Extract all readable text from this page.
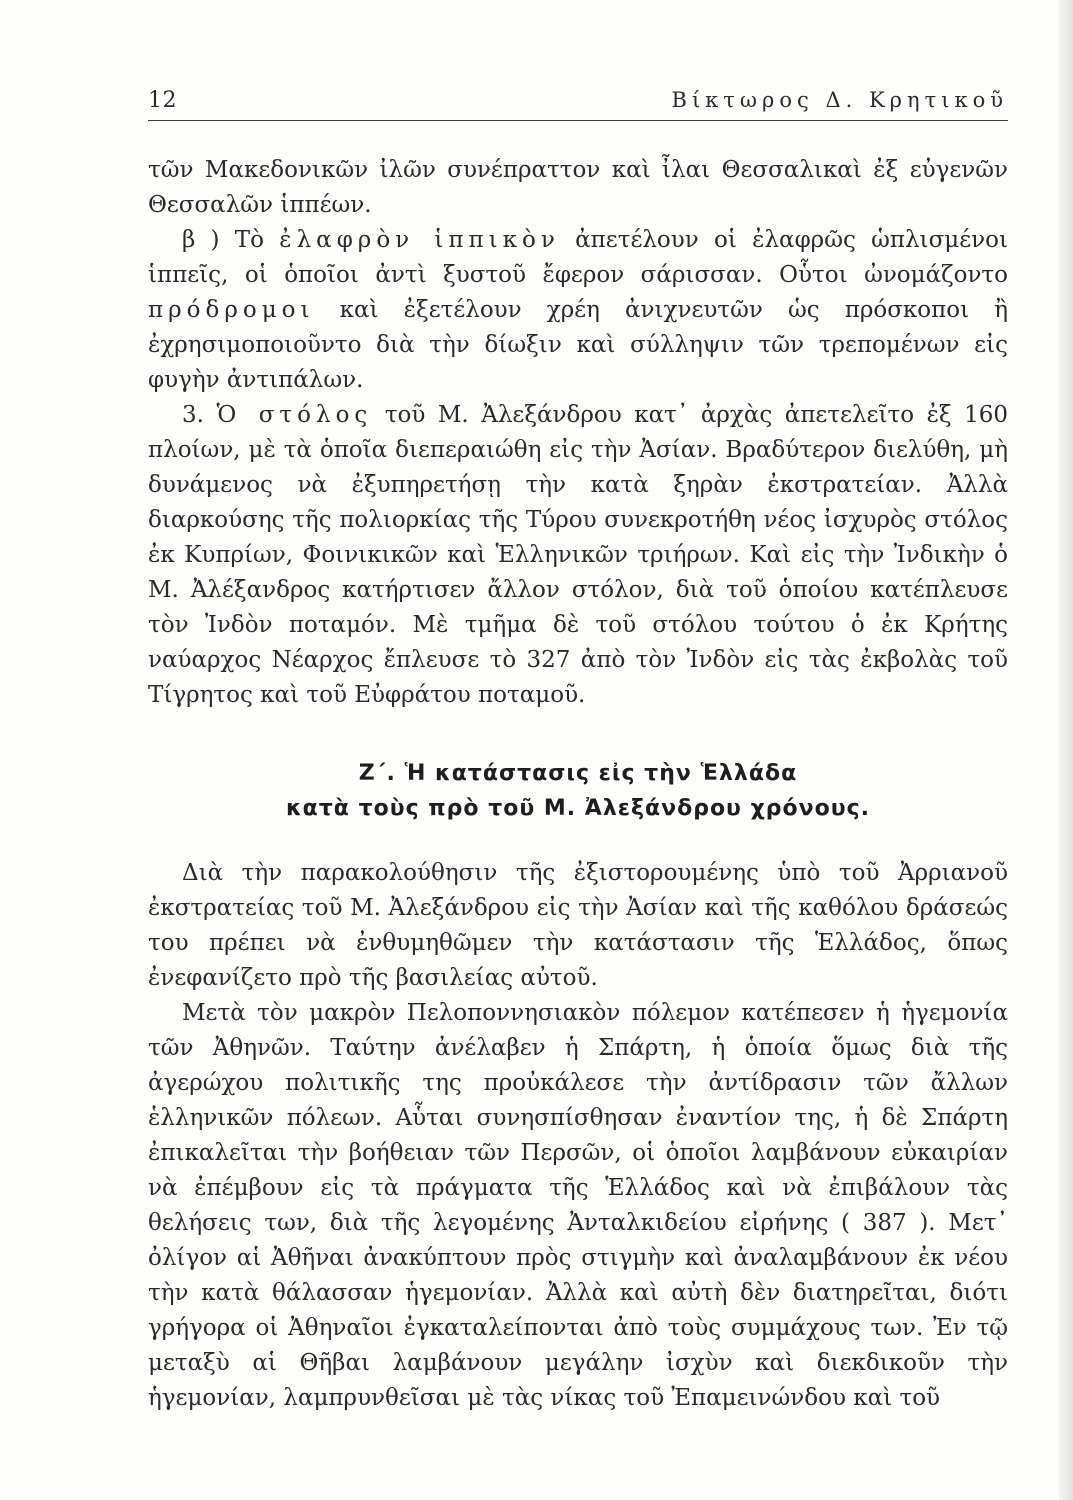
12	Βίκτωρος Δ. Κρητικοῦ

τῶν Μακεδονικῶν ἰλῶν συνέπραττον καὶ ἶλαι Θεσσαλικαὶ ἐξ εὐγενῶν Θεσσαλῶν ἱππέων.

β ) Τὸ ἐλαφρὸν ἱππικὸν ἀπετέλουν οἱ ἐλαφρῶς ὡπλισμένοι ἱππεῖς, οἱ ὁποῖοι ἀντὶ ξυστοῦ ἔφερον σάρισσαν. Οὗτοι ὠνομάζοντο πρόδρομοι καὶ ἐξετέλουν χρέη ἀνιχνευτῶν ὡς πρόσκοποι ἢ ἐχρησιμοποιοῦντο διὰ τὴν δίωξιν καὶ σύλληψιν τῶν τρεπομένων εἰς φυγὴν ἀντιπάλων.

3. Ὁ στόλος τοῦ Μ. Ἀλεξάνδρου κατ᾽ ἀρχὰς ἀπετελεῖτο ἐξ 160 πλοίων, μὲ τὰ ὁποῖα διεπεραιώθη εἰς τὴν Ἀσίαν. Βραδύτερον διελύθη, μὴ δυνάμενος νὰ ἐξυπηρετήσῃ τὴν κατὰ ξηρὰν ἐκστρατείαν. Ἀλλὰ διαρκούσης τῆς πολιορκίας τῆς Τύρου συνεκροτήθη νέος ἰσχυρὸς στόλος ἐκ Κυπρίων, Φοινικικῶν καὶ Ἑλληνικῶν τριήρων. Καὶ εἰς τὴν Ἰνδικὴν ὁ Μ. Ἀλέξανδρος κατήρτισεν ἄλλον στόλον, διὰ τοῦ ὁποίου κατέπλευσε τὸν Ἰνδὸν ποταμόν. Μὲ τμῆμα δὲ τοῦ στόλου τούτου ὁ ἐκ Κρήτης ναύαρχος Νέαρχος ἔπλευσε τὸ 327 ἀπὸ τὸν Ἰνδὸν εἰς τὰς ἐκβολὰς τοῦ Τίγρητος καὶ τοῦ Εὐφράτου ποταμοῦ.

Ζ΄. Ἡ κατάστασις εἰς τὴν Ἑλλάδα
κατὰ τοὺς πρὸ τοῦ Μ. Ἀλεξάνδρου χρόνους.

Διὰ τὴν παρακολούθησιν τῆς ἐξιστορουμένης ὑπὸ τοῦ Ἀρριανοῦ ἐκστρατείας τοῦ Μ. Ἀλεξάνδρου εἰς τὴν Ἀσίαν καὶ τῆς καθόλου δράσεώς του πρέπει νὰ ἐνθυμηθῶμεν τὴν κατάστασιν τῆς Ἑλλάδος, ὅπως ἐνεφανίζετο πρὸ τῆς βασιλείας αὐτοῦ.

Μετὰ τὸν μακρὸν Πελοποννησιακὸν πόλεμον κατέπεσεν ἡ ἡγεμονία τῶν Ἀθηνῶν. Ταύτην ἀνέλαβεν ἡ Σπάρτη, ἡ ὁποία ὅμως διὰ τῆς ἀγερώχου πολιτικῆς της προὐκάλεσε τὴν ἀντίδρασιν τῶν ἄλλων ἑλληνικῶν πόλεων. Αὗται συνησπίσθησαν ἐναντίον της, ἡ δὲ Σπάρτη ἐπικαλεῖται τὴν βοήθειαν τῶν Περσῶν, οἱ ὁποῖοι λαμβάνουν εὐκαιρίαν νὰ ἐπέμβουν εἰς τὰ πράγματα τῆς Ἑλλάδος καὶ νὰ ἐπιβάλουν τὰς θελήσεις των, διὰ τῆς λεγομένης Ἀνταλκιδείου εἰρήνης ( 387 ). Μετ᾽ ὀλίγον αἱ Ἀθῆναι ἀνακύπτουν πρὸς στιγμὴν καὶ ἀναλαμβάνουν ἐκ νέου τὴν κατὰ θάλασσαν ἡγεμονίαν. Ἀλλὰ καὶ αὐτὴ δὲν διατηρεῖται, διότι γρήγορα οἱ Ἀθηναῖοι ἐγκαταλείπονται ἀπὸ τοὺς συμμάχους των. Ἐν τῷ μεταξὺ αἱ Θῆβαι λαμβάνουν μεγάλην ἰσχὺν καὶ διεκδικοῦν τὴν ἡγεμονίαν, λαμπρυνθεῖσαι μὲ τὰς νίκας τοῦ Ἐπαμεινώνδου καὶ τοῦ
